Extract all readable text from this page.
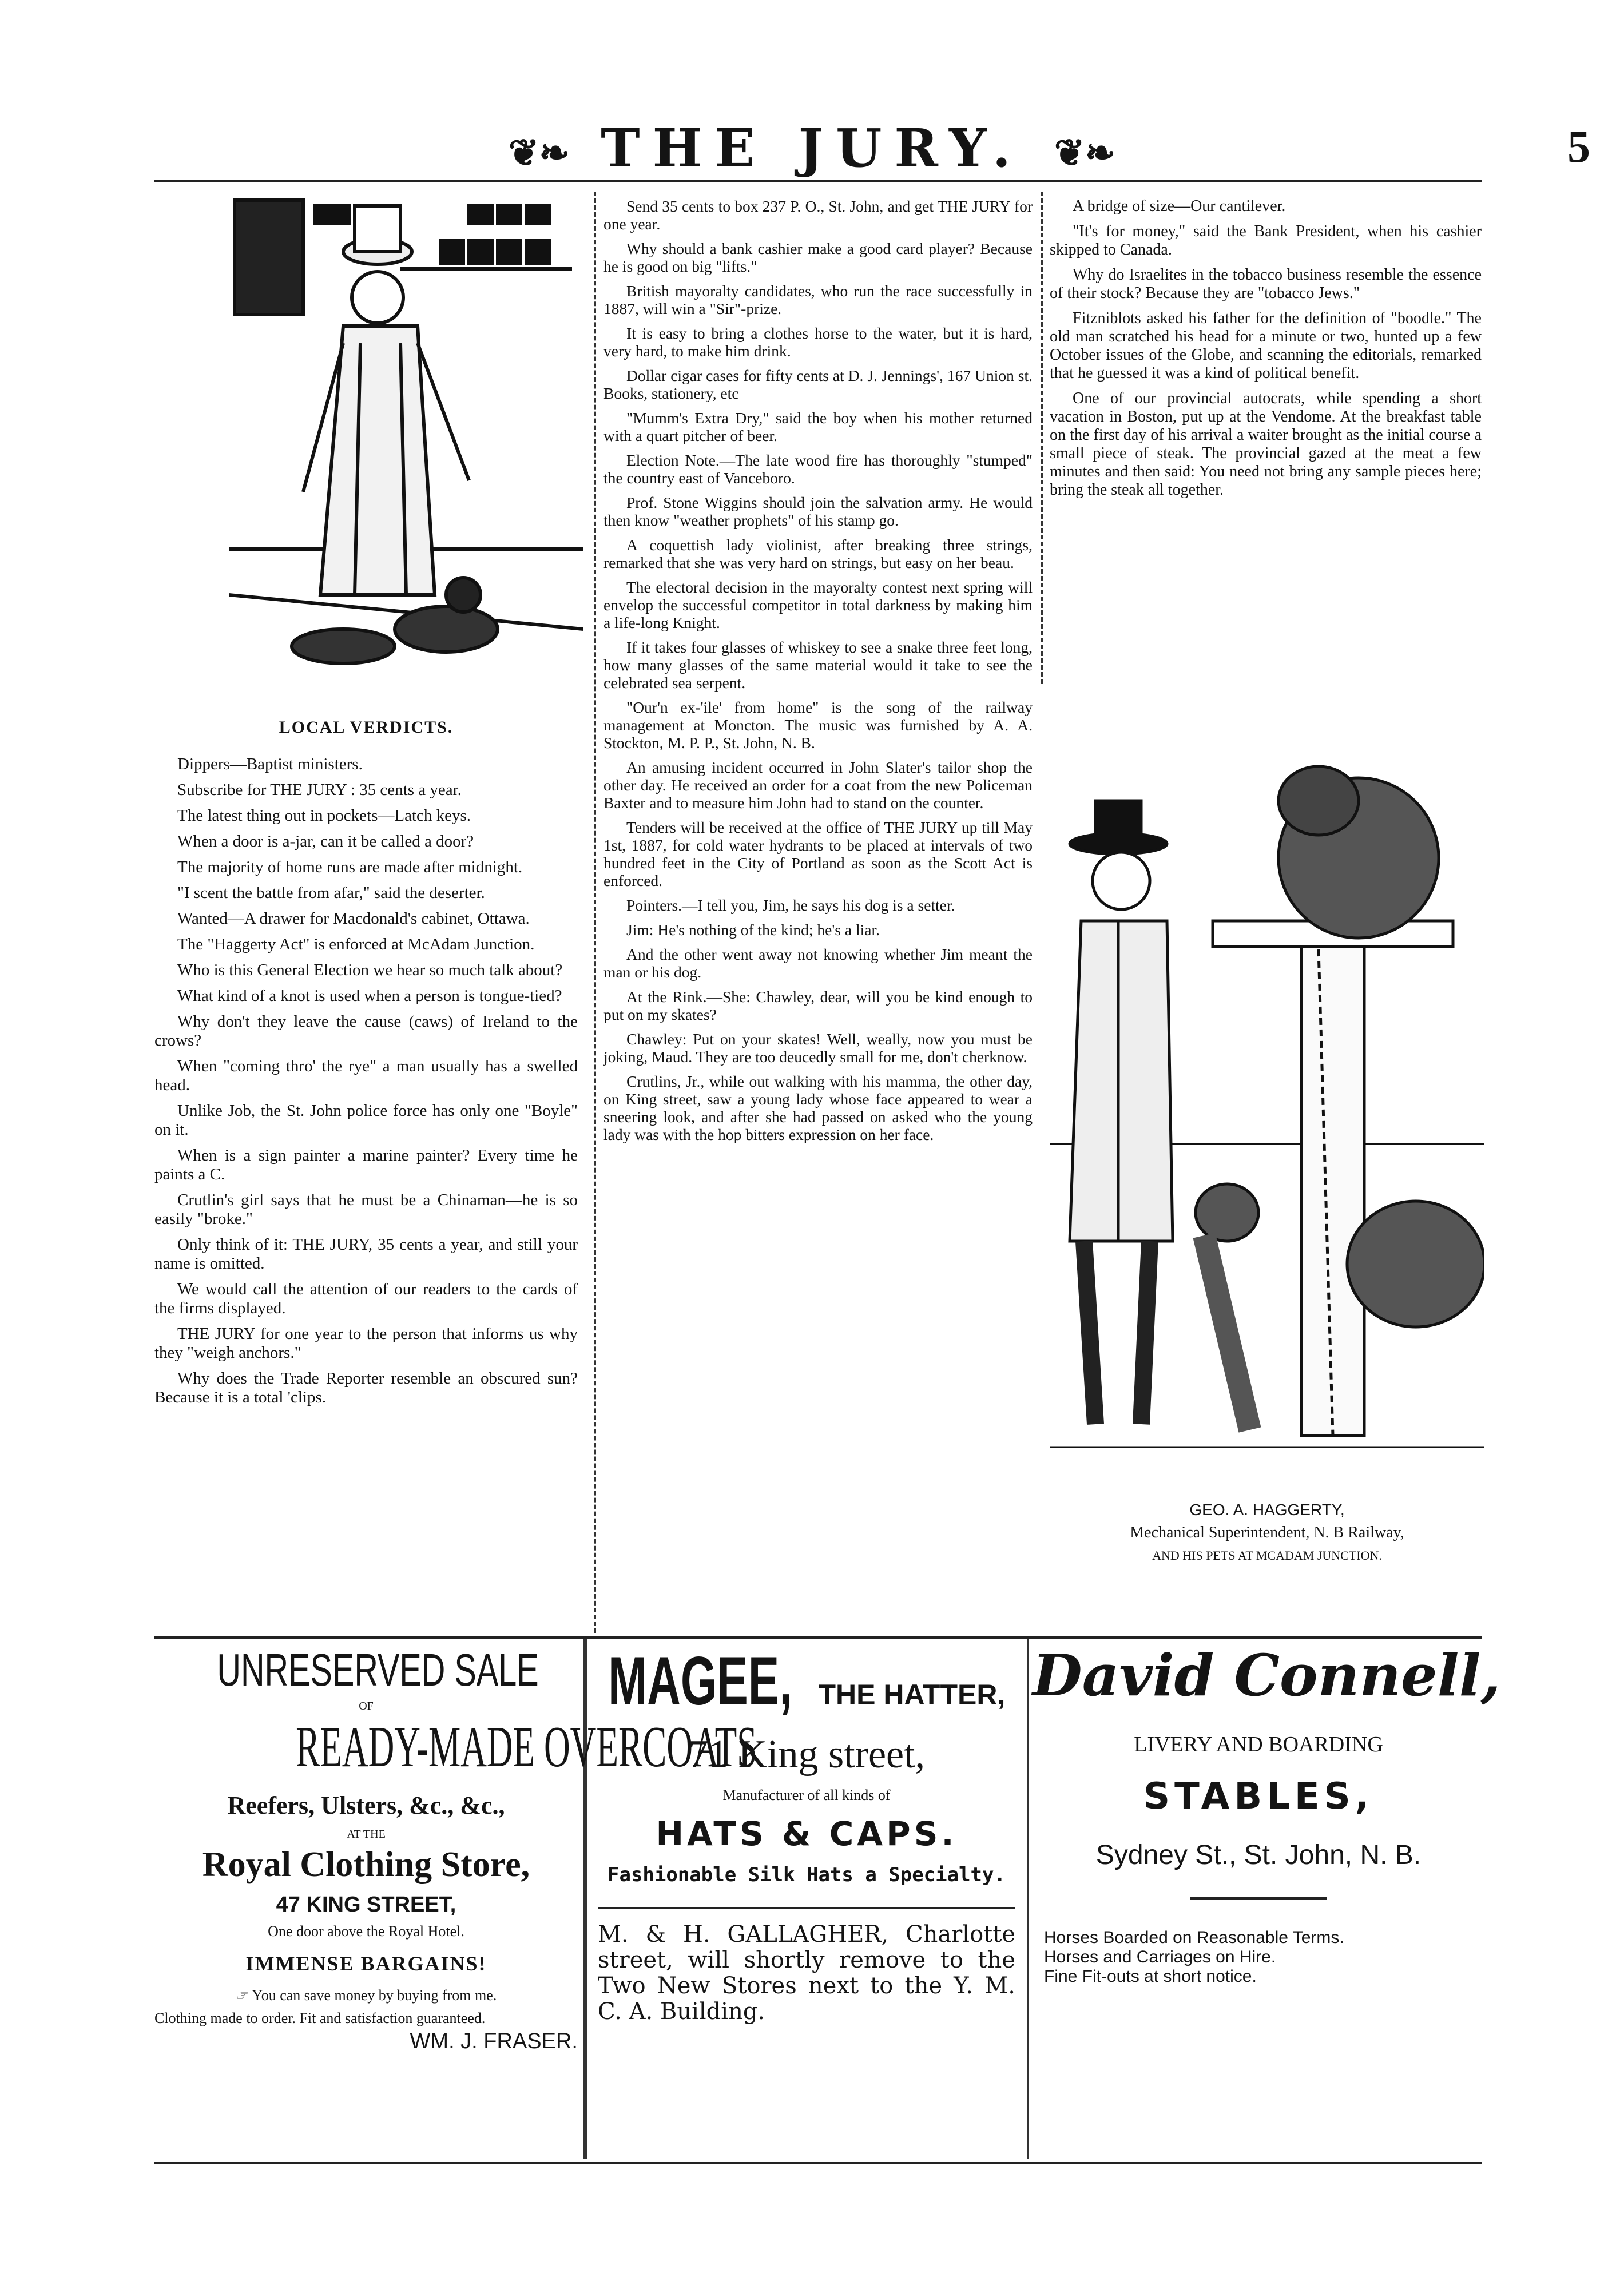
❦❧ THE JURY. ❦❧	5
LOCAL VERDICTS.

Dippers—Baptist ministers.

Subscribe for THE JURY : 35 cents a year.

The latest thing out in pockets—Latch keys.

When a door is a-jar, can it be called a door?

The majority of home runs are made after midnight.

"I scent the battle from afar," said the deserter.

Wanted—A drawer for Macdonald's cabinet, Ottawa.

The "Haggerty Act" is enforced at McAdam Junction.

Who is this General Election we hear so much talk about?

What kind of a knot is used when a person is tongue-tied?

Why don't they leave the cause (caws) of Ireland to the crows?

When "coming thro' the rye" a man usually has a swelled head.

Unlike Job, the St. John police force has only one "Boyle" on it.

When is a sign painter a marine painter? Every time he paints a C.

Crutlin's girl says that he must be a Chinaman—he is so easily "broke."

Only think of it: THE JURY, 35 cents a year, and still your name is omitted.

We would call the attention of our readers to the cards of the firms displayed.

THE JURY for one year to the person that informs us why they "weigh anchors."

Why does the Trade Reporter resemble an obscured sun? Because it is a total 'clips.

Send 35 cents to box 237 P. O., St. John, and get THE JURY for one year.

Why should a bank cashier make a good card player? Because he is good on big "lifts."

British mayoralty candidates, who run the race successfully in 1887, will win a "Sir"-prize.

It is easy to bring a clothes horse to the water, but it is hard, very hard, to make him drink.

Dollar cigar cases for fifty cents at D. J. Jennings', 167 Union st. Books, stationery, etc

"Mumm's Extra Dry," said the boy when his mother returned with a quart pitcher of beer.

Election Note.—The late wood fire has thoroughly "stumped" the country east of Vanceboro.

Prof. Stone Wiggins should join the salvation army. He would then know "weather prophets" of his stamp go.

A coquettish lady violinist, after breaking three strings, remarked that she was very hard on strings, but easy on her beau.

The electoral decision in the mayoralty contest next spring will envelop the successful competitor in total darkness by making him a life-long Knight.

If it takes four glasses of whiskey to see a snake three feet long, how many glasses of the same material would it take to see the celebrated sea serpent.

"Our'n ex-'ile' from home" is the song of the railway management at Moncton. The music was furnished by A. A. Stockton, M. P. P., St. John, N. B.

An amusing incident occurred in John Slater's tailor shop the other day. He received an order for a coat from the new Policeman Baxter and to measure him John had to stand on the counter.

Tenders will be received at the office of THE JURY up till May 1st, 1887, for cold water hydrants to be placed at intervals of two hundred feet in the City of Portland as soon as the Scott Act is enforced.

Pointers.—I tell you, Jim, he says his dog is a setter.

Jim: He's nothing of the kind; he's a liar.

And the other went away not knowing whether Jim meant the man or his dog.

At the Rink.—She: Chawley, dear, will you be kind enough to put on my skates?

Chawley: Put on your skates! Well, weally, now you must be joking, Maud. They are too deucedly small for me, don't cherknow.

Crutlins, Jr., while out walking with his mamma, the other day, on King street, saw a young lady whose face appeared to wear a sneering look, and after she had passed on asked who the young lady was with the hop bitters expression on her face.

A bridge of size—Our cantilever.

"It's for money," said the Bank President, when his cashier skipped to Canada.

Why do Israelites in the tobacco business resemble the essence of their stock? Because they are "tobacco Jews."

Fitzniblots asked his father for the definition of "boodle." The old man scratched his head for a minute or two, hunted up a few October issues of the Globe, and scanning the editorials, remarked that he guessed it was a kind of political benefit.

One of our provincial autocrats, while spending a short vacation in Boston, put up at the Vendome. At the breakfast table on the first day of his arrival a waiter brought as the initial course a small piece of steak. The provincial gazed at the meat a few minutes and then said: You need not bring any sample pieces here; bring the steak all together.

GEO. A. HAGGERTY,
Mechanical Superintendent, N. B Railway,
AND HIS PETS AT MCADAM JUNCTION.
UNRESERVED SALE
OF
READY-MADE OVERCOATS
Reefers, Ulsters, &c., &c.,
AT THE
Royal Clothing Store,
47 KING STREET,
One door above the Royal Hotel.
IMMENSE BARGAINS!
☞ You can save money by buying from me.
Clothing made to order. Fit and satisfaction guaranteed.
WM. J. FRASER.
MAGEE, THE HATTER,
71 King street,
Manufacturer of all kinds of
HATS & CAPS.
Fashionable Silk Hats a Specialty.
M. & H. GALLAGHER, Charlotte street, will shortly remove to the Two New Stores next to the Y. M. C. A. Building.
David Connell,
LIVERY AND BOARDING
STABLES,
Sydney St., St. John, N. B.
Horses Boarded on Reasonable Terms.
Horses and Carriages on Hire.
Fine Fit-outs at short notice.
